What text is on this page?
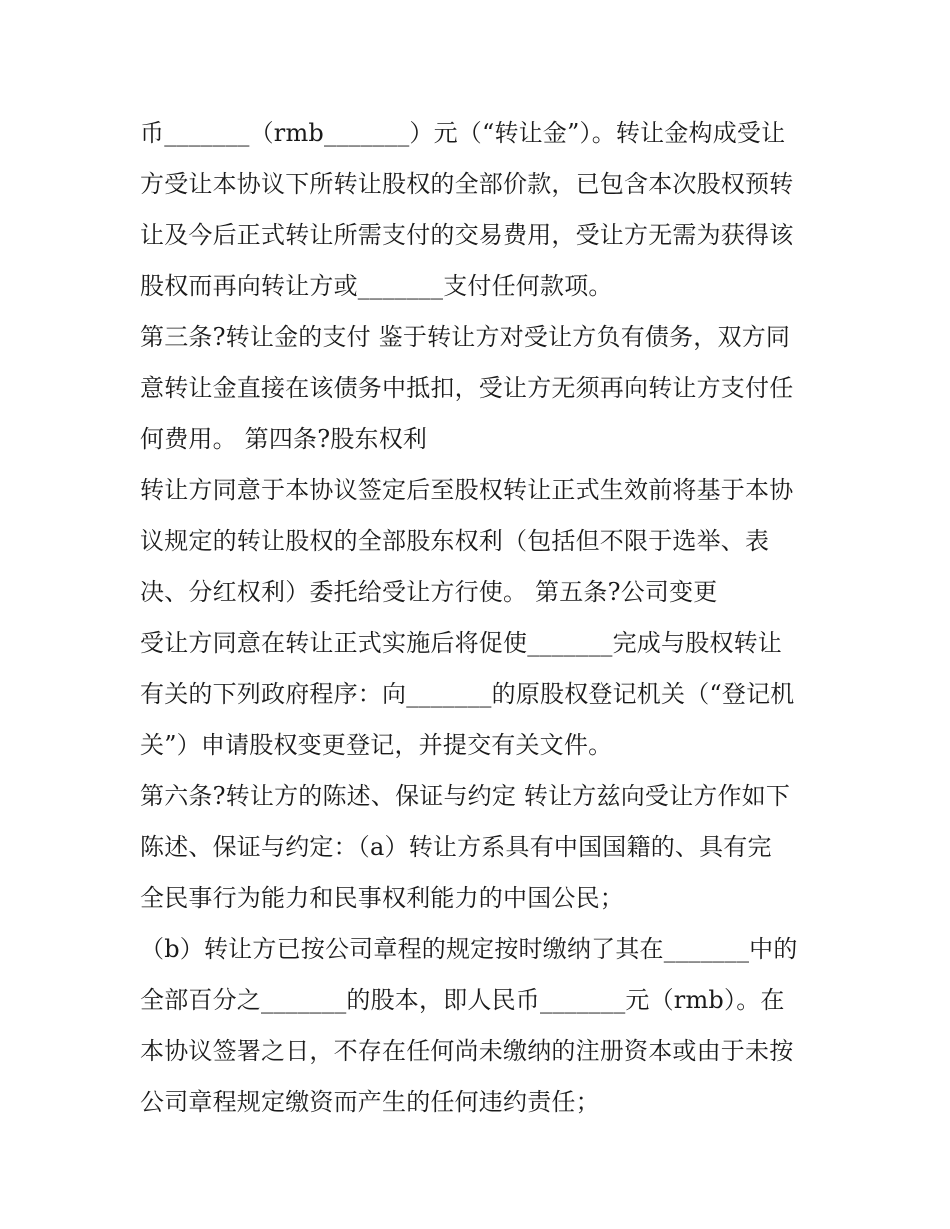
币_______（rmb_______）元（“转让金”）。转让金构成受让
方受让本协议下所转让股权的全部价款，已包含本次股权预转
让及今后正式转让所需支付的交易费用，受让方无需为获得该
股权而再向转让方或_______支付任何款项。
第三条?转让金的支付 鉴于转让方对受让方负有债务，双方同
意转让金直接在该债务中抵扣，受让方无须再向转让方支付任
何费用。 第四条?股东权利
转让方同意于本协议签定后至股权转让正式生效前将基于本协
议规定的转让股权的全部股东权利（包括但不限于选举、表
决、分红权利）委托给受让方行使。 第五条?公司变更
受让方同意在转让正式实施后将促使_______完成与股权转让
有关的下列政府程序：向_______的原股权登记机关（“登记机
关”）申请股权变更登记，并提交有关文件。
第六条?转让方的陈述、保证与约定 转让方兹向受让方作如下
陈述、保证与约定：（a）转让方系具有中国国籍的、具有完
全民事行为能力和民事权利能力的中国公民；
（b）转让方已按公司章程的规定按时缴纳了其在_______中的
全部百分之_______的股本，即人民币_______元（rmb）。在
本协议签署之日，不存在任何尚未缴纳的注册资本或由于未按
公司章程规定缴资而产生的任何违约责任；
